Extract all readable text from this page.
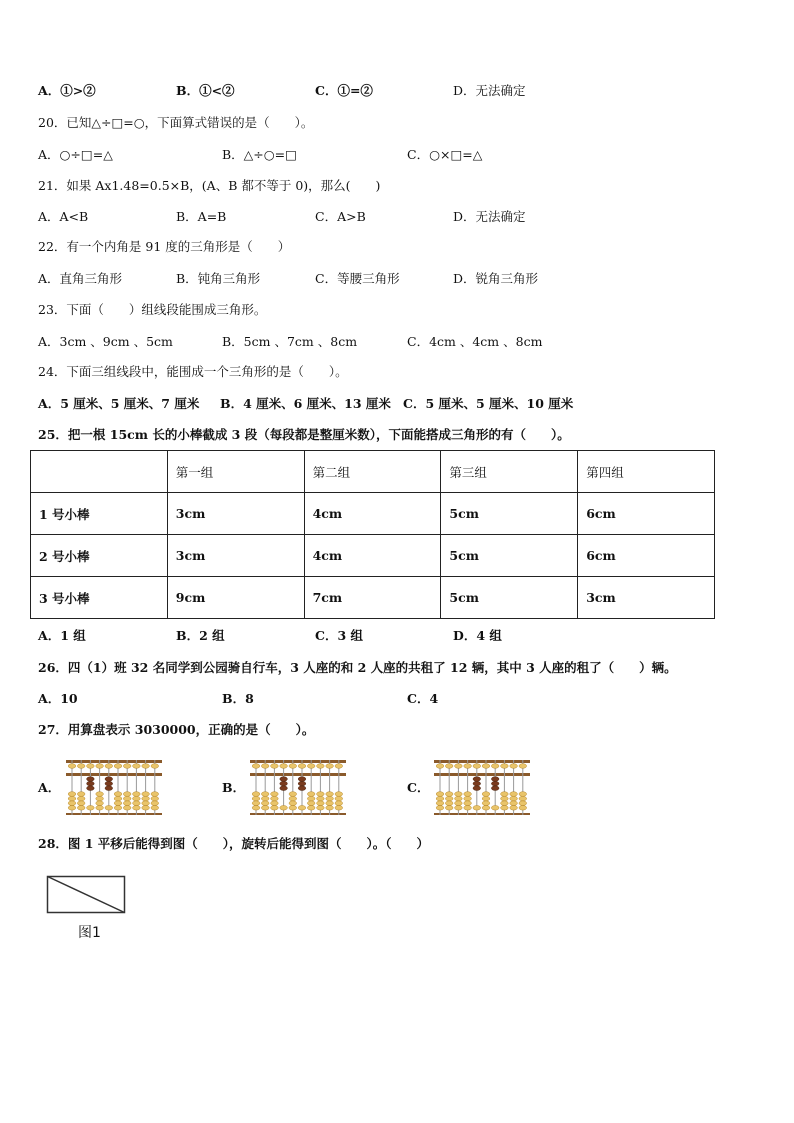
A．①>②	B．①<②	C．①=②	D．无法确定
20．已知△÷□=○，下面算式错误的是（　　）。
A．○÷□=△	B．△÷○=□	C．○×□=△
21．如果 Ax1.48=0.5×B，(A、B 都不等于 0)，那么(　　)
A．A<B	B．A=B	C．A>B	D．无法确定
22．有一个内角是 91 度的三角形是（　　）
A．直角三角形	B．钝角三角形	C．等腰三角形	D．锐角三角形
23．下面（　　）组线段能围成三角形。
A．3cm 、9cm 、5cm	B．5cm 、7cm 、8cm	C．4cm 、4cm 、8cm
24．下面三组线段中，能围成一个三角形的是（　　）。
A．5 厘米、5 厘米、7 厘米 B．4 厘米、6 厘米、13 厘米 C．5 厘米、5 厘米、10 厘米
25．把一根 15cm 长的小棒截成 3 段（每段都是整厘米数），下面能搭成三角形的有（　　）。
	第一组	第二组	第三组	第四组
1 号小棒	3cm	4cm	5cm	6cm
2 号小棒	3cm	4cm	5cm	6cm
3 号小棒	9cm	7cm	5cm	3cm
A．1 组	B．2 组	C．3 组	D．4 组
26．四（1）班 32 名同学到公园骑自行车，3 人座的和 2 人座的共租了 12 辆，其中 3 人座的租了（　　）辆。
A．10	B．8	C．4
27．用算盘表示 3030000，正确的是（　　）。
A．	B．	C．
28．图 1 平移后能得到图（　　），旋转后能得到图（　　）。（　　）
图1
